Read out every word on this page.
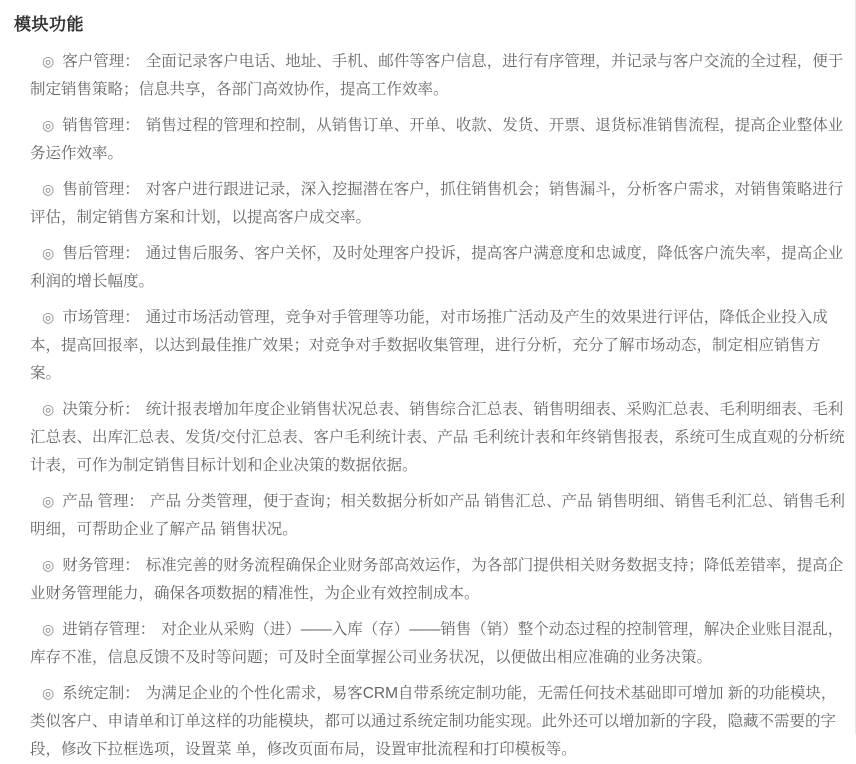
模块功能

◎ 客户管理： 全面记录客户电话、地址、手机、邮件等客户信息，进行有序管理，并记录与客户交流的全过程，便于制定销售策略；信息共享，各部门高效协作，提高工作效率。

◎ 销售管理： 销售过程的管理和控制，从销售订单、开单、收款、发货、开票、退货标准销售流程，提高企业整体业务运作效率。

◎ 售前管理： 对客户进行跟进记录，深入挖掘潜在客户，抓住销售机会；销售漏斗，分析客户需求，对销售策略进行评估，制定销售方案和计划，以提高客户成交率。

◎ 售后管理： 通过售后服务、客户关怀，及时处理客户投诉，提高客户满意度和忠诚度，降低客户流失率，提高企业利润的增长幅度。

◎ 市场管理： 通过市场活动管理，竞争对手管理等功能，对市场推广活动及产生的效果进行评估，降低企业投入成本，提高回报率，以达到最佳推广效果；对竞争对手数据收集管理，进行分析，充分了解市场动态，制定相应销售方案。

◎ 决策分析： 统计报表增加年度企业销售状况总表、销售综合汇总表、销售明细表、采购汇总表、毛利明细表、毛利汇总表、出库汇总表、发货/交付汇总表、客户毛利统计表、产品 毛利统计表和年终销售报表，系统可生成直观的分析统计表，可作为制定销售目标计划和企业决策的数据依据。

◎ 产品 管理： 产品 分类管理，便于查询；相关数据分析如产品 销售汇总、产品 销售明细、销售毛利汇总、销售毛利明细，可帮助企业了解产品 销售状况。

◎ 财务管理： 标准完善的财务流程确保企业财务部高效运作，为各部门提供相关财务数据支持；降低差错率，提高企业财务管理能力，确保各项数据的精准性，为企业有效控制成本。

◎ 进销存管理： 对企业从采购（进）——入库（存）——销售（销）整个动态过程的控制管理，解决企业账目混乱，库存不准，信息反馈不及时等问题；可及时全面掌握公司业务状况，以便做出相应准确的业务决策。

◎ 系统定制： 为满足企业的个性化需求，易客CRM自带系统定制功能，无需任何技术基础即可增加 新的功能模块，类似客户、申请单和订单这样的功能模块，都可以通过系统定制功能实现。此外还可以增加新的字段，隐藏不需要的字段，修改下拉框选项，设置菜 单，修改页面布局，设置审批流程和打印模板等。
